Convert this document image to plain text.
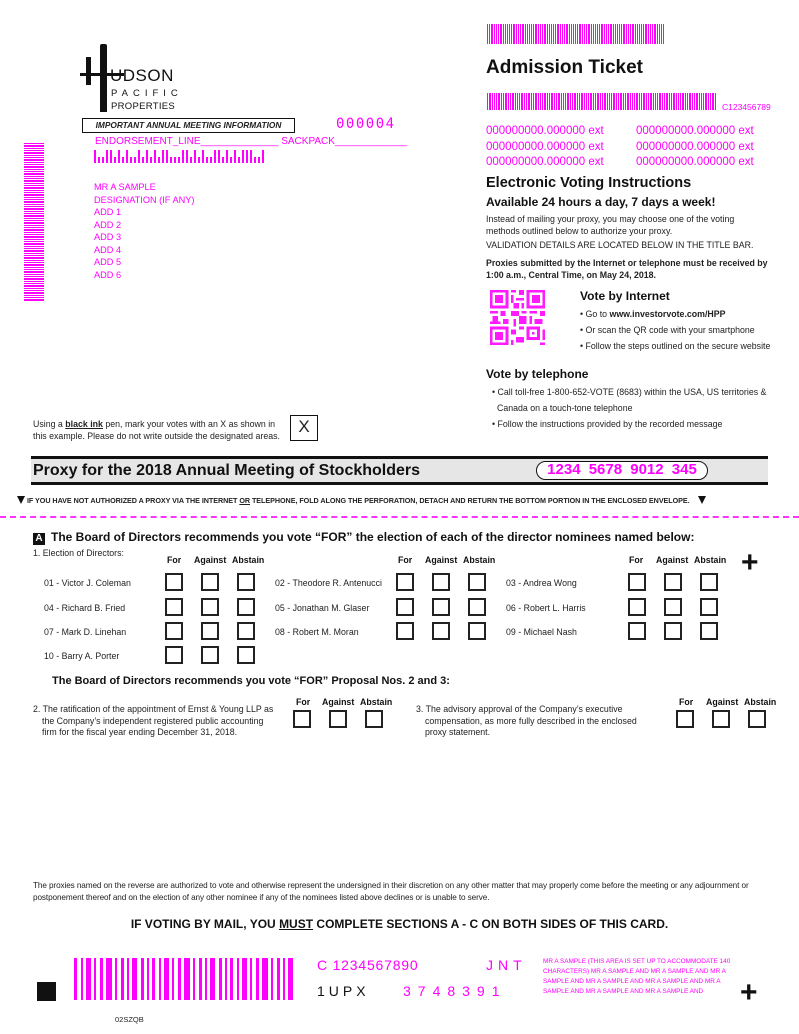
UDSON
PACIFIC
PROPERTIES
IMPORTANT ANNUAL MEETING INFORMATION	000004
ENDORSEMENT_LINE______________ SACKPACK_____________
MR A SAMPLE
DESIGNATION (IF ANY)
ADD 1
ADD 2
ADD 3
ADD 4
ADD 5
ADD 6
Admission Ticket
C123456789
000000000.000000 ext	000000000.000000 ext
000000000.000000 ext	000000000.000000 ext
000000000.000000 ext	000000000.000000 ext
Electronic Voting Instructions
Available 24 hours a day, 7 days a week!
Instead of mailing your proxy, you may choose one of the voting methods outlined below to authorize your proxy.
VALIDATION DETAILS ARE LOCATED BELOW IN THE TITLE BAR.
Proxies submitted by the Internet or telephone must be received by 1:00 a.m., Central Time, on May 24, 2018.
Vote by Internet
• Go to www.investorvote.com/HPP
• Or scan the QR code with your smartphone
• Follow the steps outlined on the secure website
Vote by telephone
• Call toll-free 1-800-652-VOTE (8683) within the USA, US territories & Canada on a touch-tone telephone
• Follow the instructions provided by the recorded message
Using a black ink pen, mark your votes with an X as shown in this example. Please do not write outside the designated areas.	X
Proxy for the 2018 Annual Meeting of Stockholders	1234 5678 9012 345
IF YOU HAVE NOT AUTHORIZED A PROXY VIA THE INTERNET OR TELEPHONE, FOLD ALONG THE PERFORATION, DETACH AND RETURN THE BOTTOM PORTION IN THE ENCLOSED ENVELOPE.
A The Board of Directors recommends you vote “FOR” the election of each of the director nominees named below:
1. Election of Directors:
For Against Abstain	For Against Abstain	For Against Abstain +
01 - Victor J. Coleman	02 - Theodore R. Antenucci	03 - Andrea Wong
04 - Richard B. Fried	05 - Jonathan M. Glaser	06 - Robert L. Harris
07 - Mark D. Linehan	08 - Robert M. Moran	09 - Michael Nash
10 - Barry A. Porter
The Board of Directors recommends you vote “FOR” Proposal Nos. 2 and 3:
2. The ratification of the appointment of Ernst & Young LLP as
the Company’s independent registered public accounting
firm for the fiscal year ending December 31, 2018.
For Against Abstain
3. The advisory approval of the Company’s executive
compensation, as more fully described in the enclosed
proxy statement.
For Against Abstain
The proxies named on the reverse are authorized to vote and otherwise represent the undersigned in their discretion on any other matter that may properly come before the meeting or any adjournment or postponement thereof and on the election of any other nominee if any of the nominees listed above declines or is unable to serve.
IF VOTING BY MAIL, YOU MUST COMPLETE SECTIONS A - C ON BOTH SIDES OF THIS CARD.
02SZQB
C 1234567890	JNT
1UPX 3748391
MR A SAMPLE (THIS AREA IS SET UP TO ACCOMMODATE 140 CHARACTERS) MR A SAMPLE AND MR A SAMPLE AND MR A SAMPLE AND MR A SAMPLE AND MR A SAMPLE AND MR A SAMPLE AND MR A SAMPLE AND MR A SAMPLE AND	+
